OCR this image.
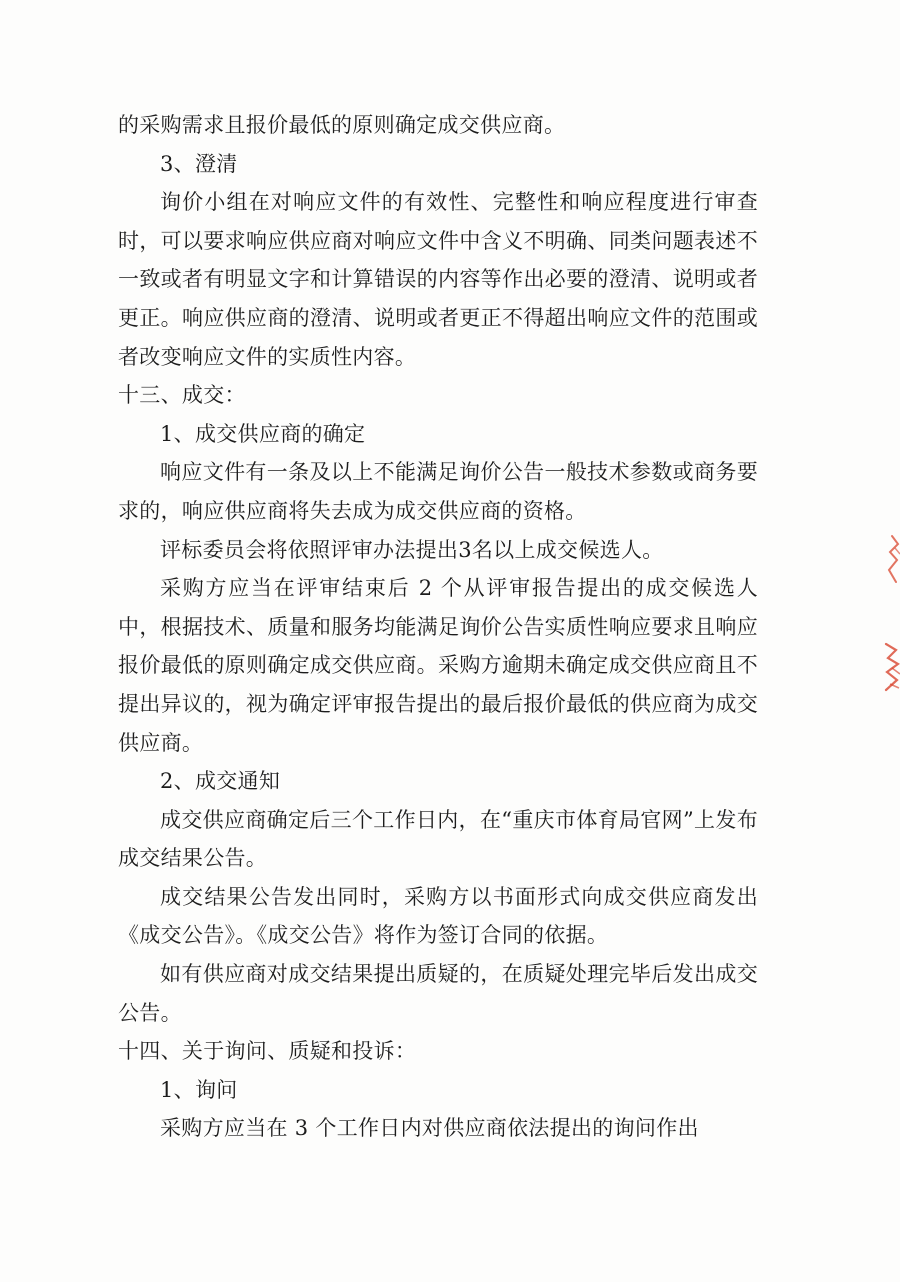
的采购需求且报价最低的原则确定成交供应商。

3、澄清

询价小组在对响应文件的有效性、完整性和响应程度进行审查时，可以要求响应供应商对响应文件中含义不明确、同类问题表述不一致或者有明显文字和计算错误的内容等作出必要的澄清、说明或者更正。响应供应商的澄清、说明或者更正不得超出响应文件的范围或者改变响应文件的实质性内容。

十三、成交：

1、成交供应商的确定

响应文件有一条及以上不能满足询价公告一般技术参数或商务要求的，响应供应商将失去成为成交供应商的资格。

评标委员会将依照评审办法提出3名以上成交候选人。

采购方应当在评审结束后 2 个从评审报告提出的成交候选人中，根据技术、质量和服务均能满足询价公告实质性响应要求且响应报价最低的原则确定成交供应商。采购方逾期未确定成交供应商且不提出异议的，视为确定评审报告提出的最后报价最低的供应商为成交供应商。

2、成交通知

成交供应商确定后三个工作日内，在“重庆市体育局官网”上发布成交结果公告。

成交结果公告发出同时，采购方以书面形式向成交供应商发出《成交公告》。《成交公告》将作为签订合同的依据。

如有供应商对成交结果提出质疑的，在质疑处理完毕后发出成交公告。

十四、关于询问、质疑和投诉：

1、询问

采购方应当在 3 个工作日内对供应商依法提出的询问作出
